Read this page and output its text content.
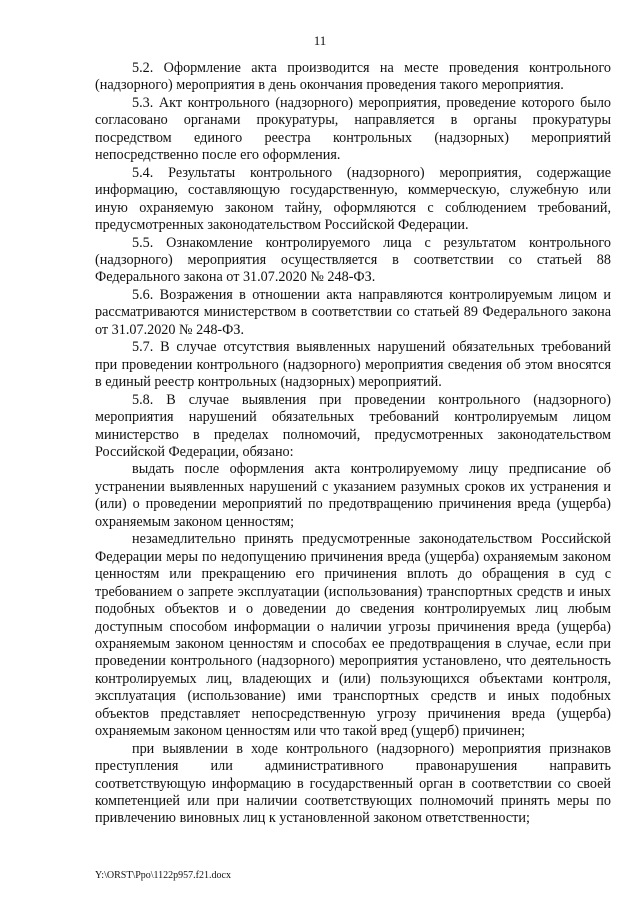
11

5.2. Оформление акта производится на месте проведения контрольного (надзорного) мероприятия в день окончания проведения такого мероприятия.

5.3. Акт контрольного (надзорного) мероприятия, проведение которого было согласовано органами прокуратуры, направляется в органы прокуратуры посредством единого реестра контрольных (надзорных) мероприятий непосредственно после его оформления.

5.4. Результаты контрольного (надзорного) мероприятия, содержащие информацию, составляющую государственную, коммерческую, служебную или иную охраняемую законом тайну, оформляются с соблюдением требований, предусмотренных законодательством Российской Федерации.

5.5. Ознакомление контролируемого лица с результатом контрольного (надзорного) мероприятия осуществляется в соответствии со статьей 88 Федерального закона от 31.07.2020 № 248-ФЗ.

5.6. Возражения в отношении акта направляются контролируемым лицом и рассматриваются министерством в соответствии со статьей 89 Федерального закона от 31.07.2020 № 248-ФЗ.

5.7. В случае отсутствия выявленных нарушений обязательных требований при проведении контрольного (надзорного) мероприятия сведения об этом вносятся в единый реестр контрольных (надзорных) мероприятий.

5.8. В случае выявления при проведении контрольного (надзорного) мероприятия нарушений обязательных требований контролируемым лицом министерство в пределах полномочий, предусмотренных законодательством Российской Федерации, обязано:

выдать после оформления акта контролируемому лицу предписание об устранении выявленных нарушений с указанием разумных сроков их устранения и (или) о проведении мероприятий по предотвращению причинения вреда (ущерба) охраняемым законом ценностям;

незамедлительно принять предусмотренные законодательством Российской Федерации меры по недопущению причинения вреда (ущерба) охраняемым законом ценностям или прекращению его причинения вплоть до обращения в суд с требованием о запрете эксплуатации (использования) транспортных средств и иных подобных объектов и о доведении до сведения контролируемых лиц любым доступным способом информации о наличии угрозы причинения вреда (ущерба) охраняемым законом ценностям и способах ее предотвращения в случае, если при проведении контрольного (надзорного) мероприятия установлено, что деятельность контролируемых лиц, владеющих и (или) пользующихся объектами контроля, эксплуатация (использование) ими транспортных средств и иных подобных объектов представляет непосредственную угрозу причинения вреда (ущерба) охраняемым законом ценностям или что такой вред (ущерб) причинен;

при выявлении в ходе контрольного (надзорного) мероприятия признаков преступления или административного правонарушения направить соответствующую информацию в государственный орган в соответствии со своей компетенцией или при наличии соответствующих полномочий принять меры по привлечению виновных лиц к установленной законом ответственности;

Y:\ORST\Ppo\1122p957.f21.docx
